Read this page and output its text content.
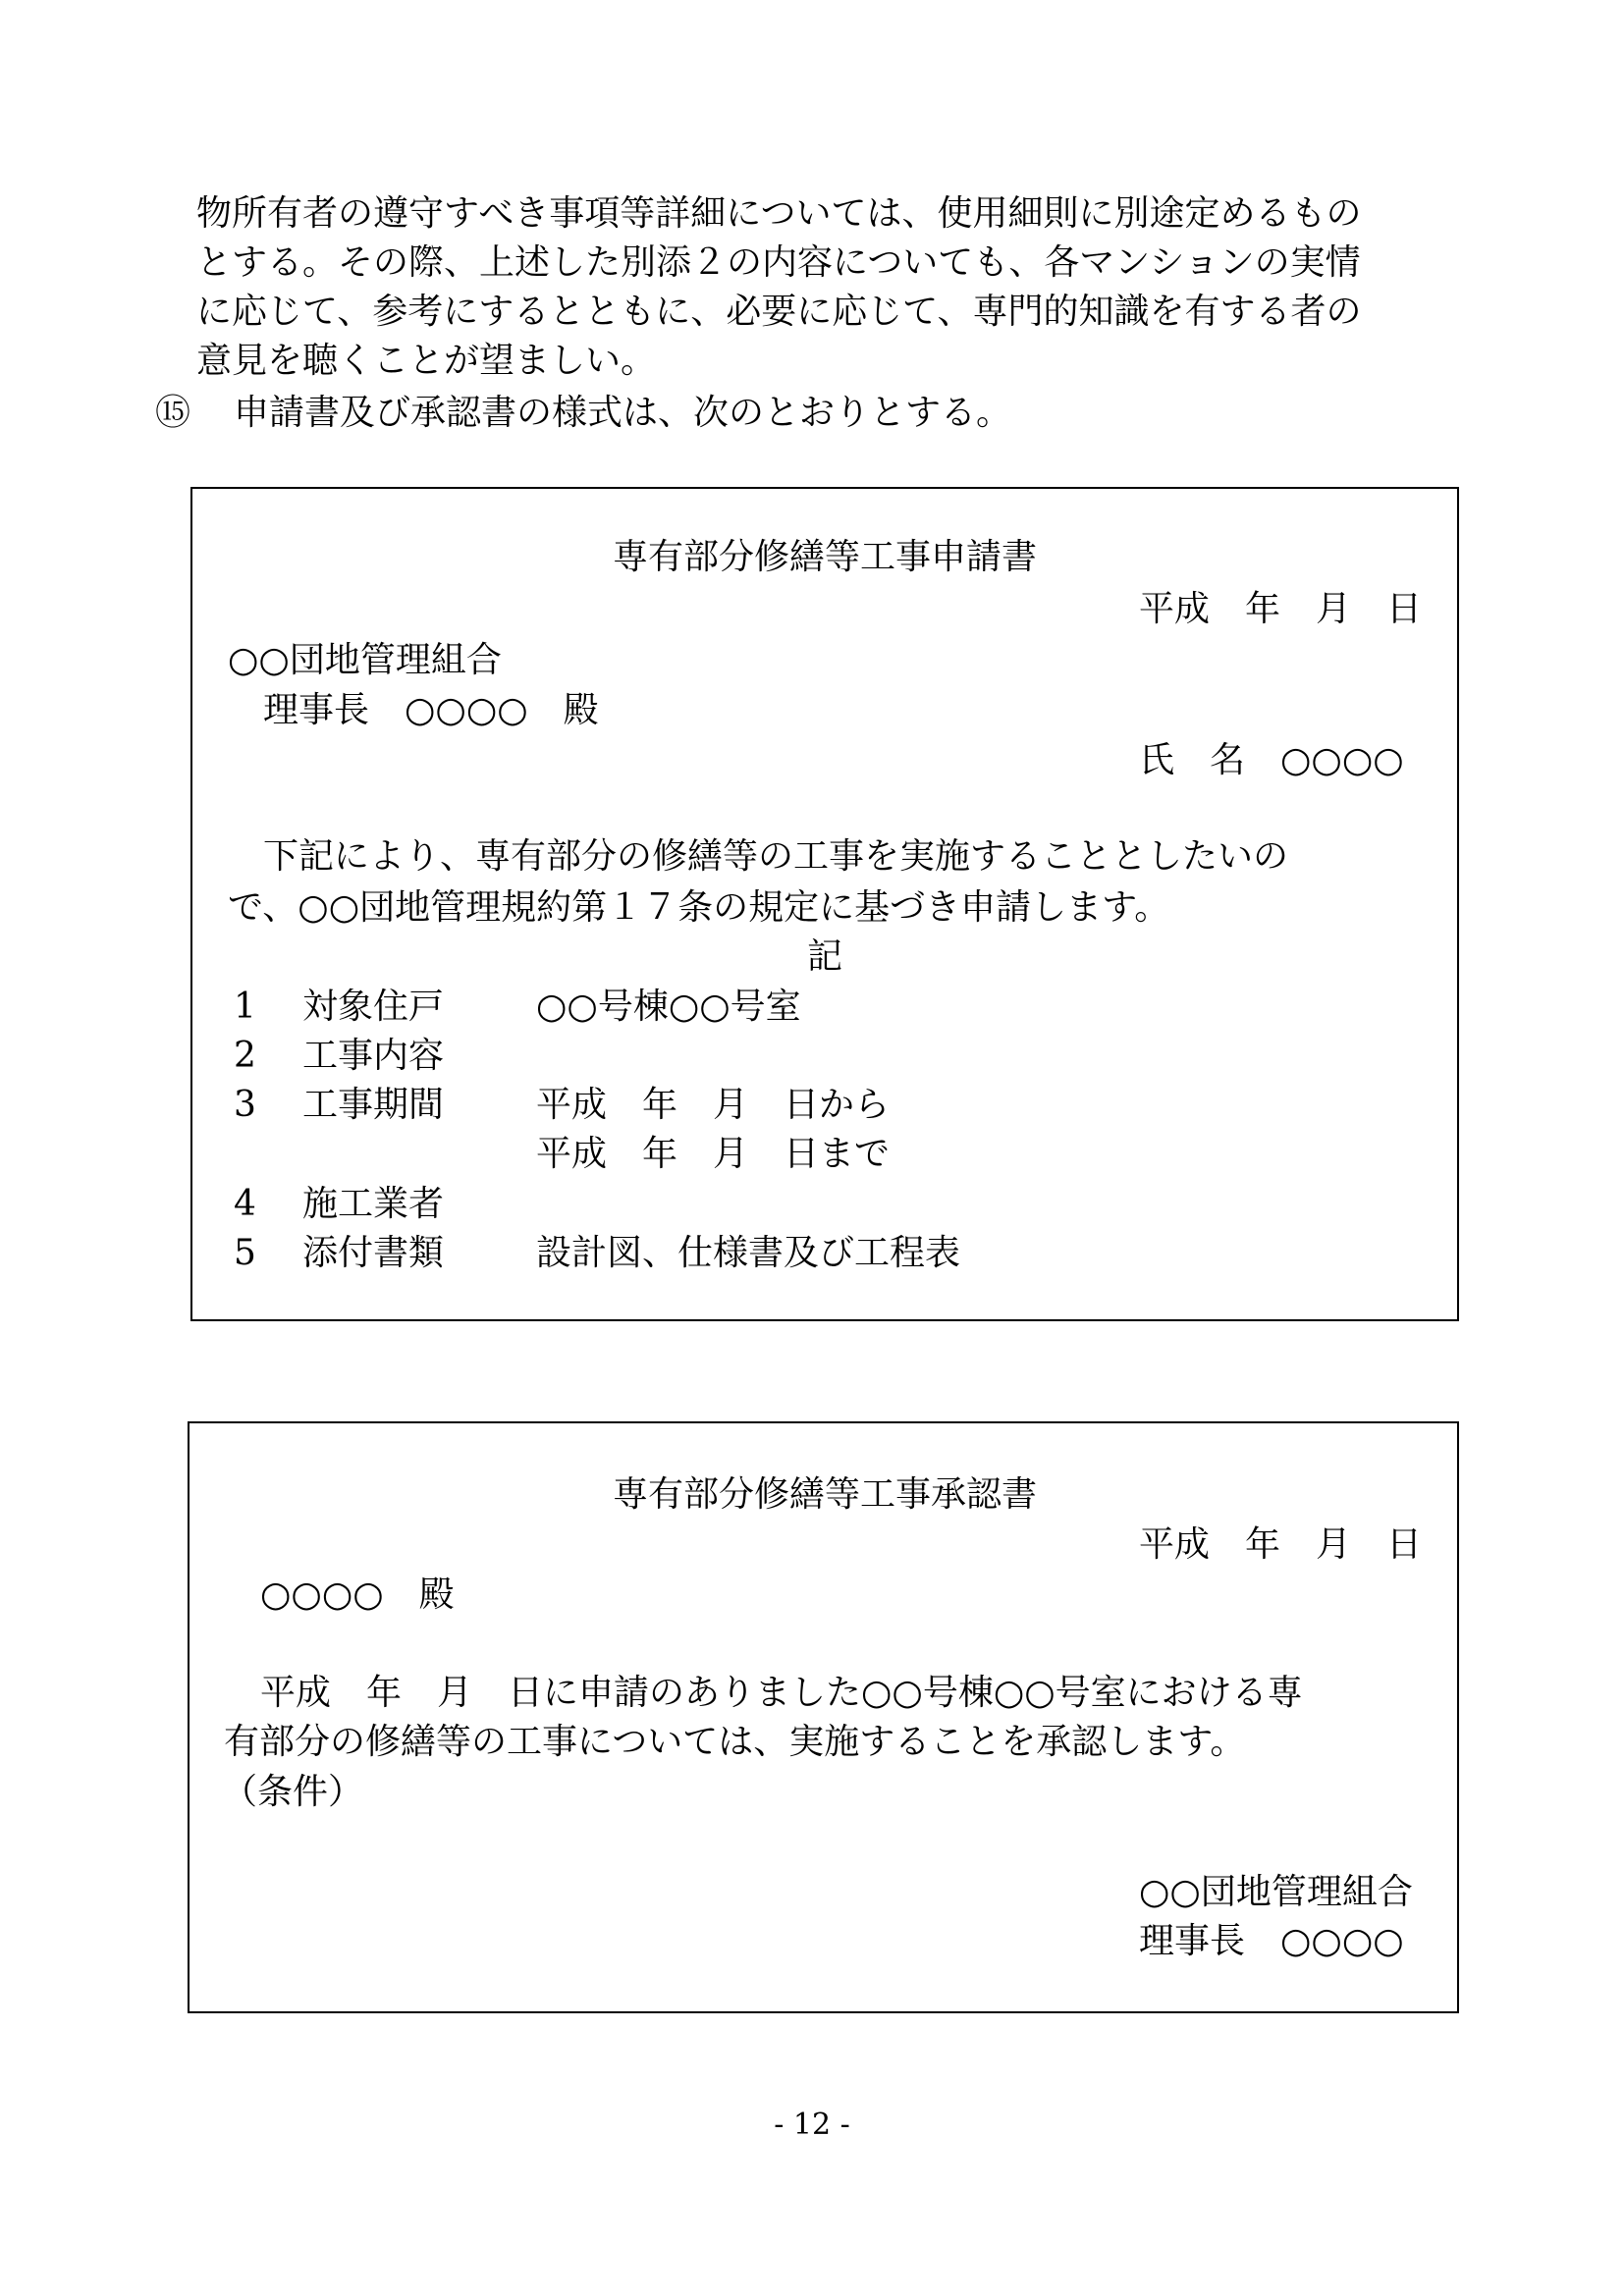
物所有者の遵守すべき事項等詳細については、使用細則に別途定めるもの
とする。その際、上述した別添２の内容についても、各マンションの実情
に応じて、参考にするとともに、必要に応じて、専門的知識を有する者の
意見を聴くことが望ましい。
⑮ 申請書及び承認書の様式は、次のとおりとする。
専有部分修繕等工事申請書
平成　年　月　日
○○団地管理組合
理事長　○○○○　殿
氏　名　○○○○
下記により、専有部分の修繕等の工事を実施することとしたいの
で、○○団地管理規約第１７条の規定に基づき申請します。
記
1 対象住戸	○○号棟○○号室
2 工事内容
3 工事期間	平成　年　月　日から
平成　年　月　日まで
4 施工業者
5 添付書類	設計図、仕様書及び工程表
専有部分修繕等工事承認書
平成　年　月　日
○○○○　殿
平成　年　月　日に申請のありました○○号棟○○号室における専
有部分の修繕等の工事については、実施することを承認します。
（条件）
○○団地管理組合
理事長　○○○○
- 12 -
